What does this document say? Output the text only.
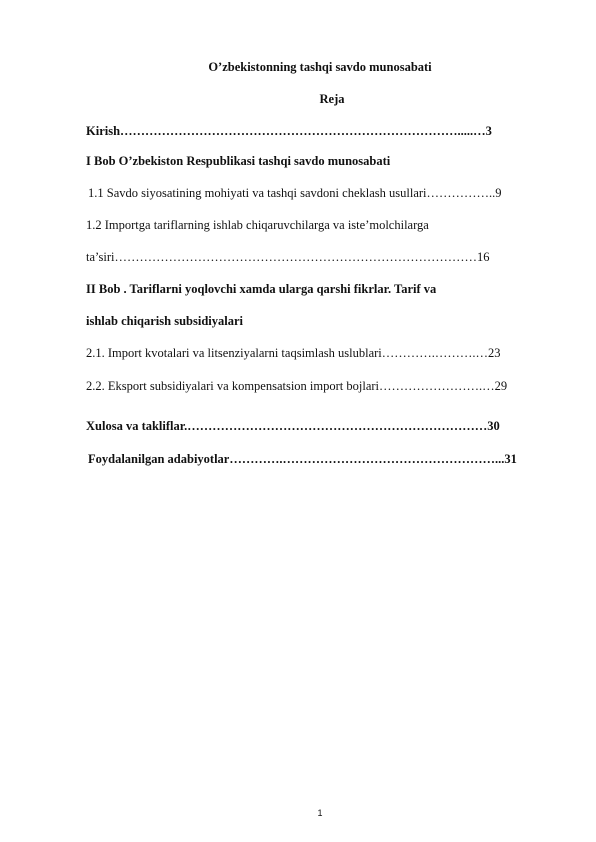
O’zbekistonning tashqi savdo munosabati
Reja
Kirish……………………………………………………………………….....…3
I Bob O’zbekiston Respublikasi tashqi savdo munosabati
1.1 Savdo siyosatining mohiyati va tashqi savdoni cheklash usullari……………..9
1.2 Importga tariflarning ishlab chiqaruvchilarga va iste’molchilarga
ta’siri……………………………………………………………………………16
II Bob . Tariflarni yoqlovchi xamda ularga qarshi fikrlar. Tarif va
ishlab chiqarish subsidiyalari
2.1. Import kvotalari va litsenziyalarni taqsimlash uslublari………….……….…23
2.2. Eksport subsidiyalari va kompensatsion import bojlari…………………….…29
Xulosa va takliflar.………………………………………………………………30
Foydalanilgan adabiyotlar………….……………………………………………...31
1
